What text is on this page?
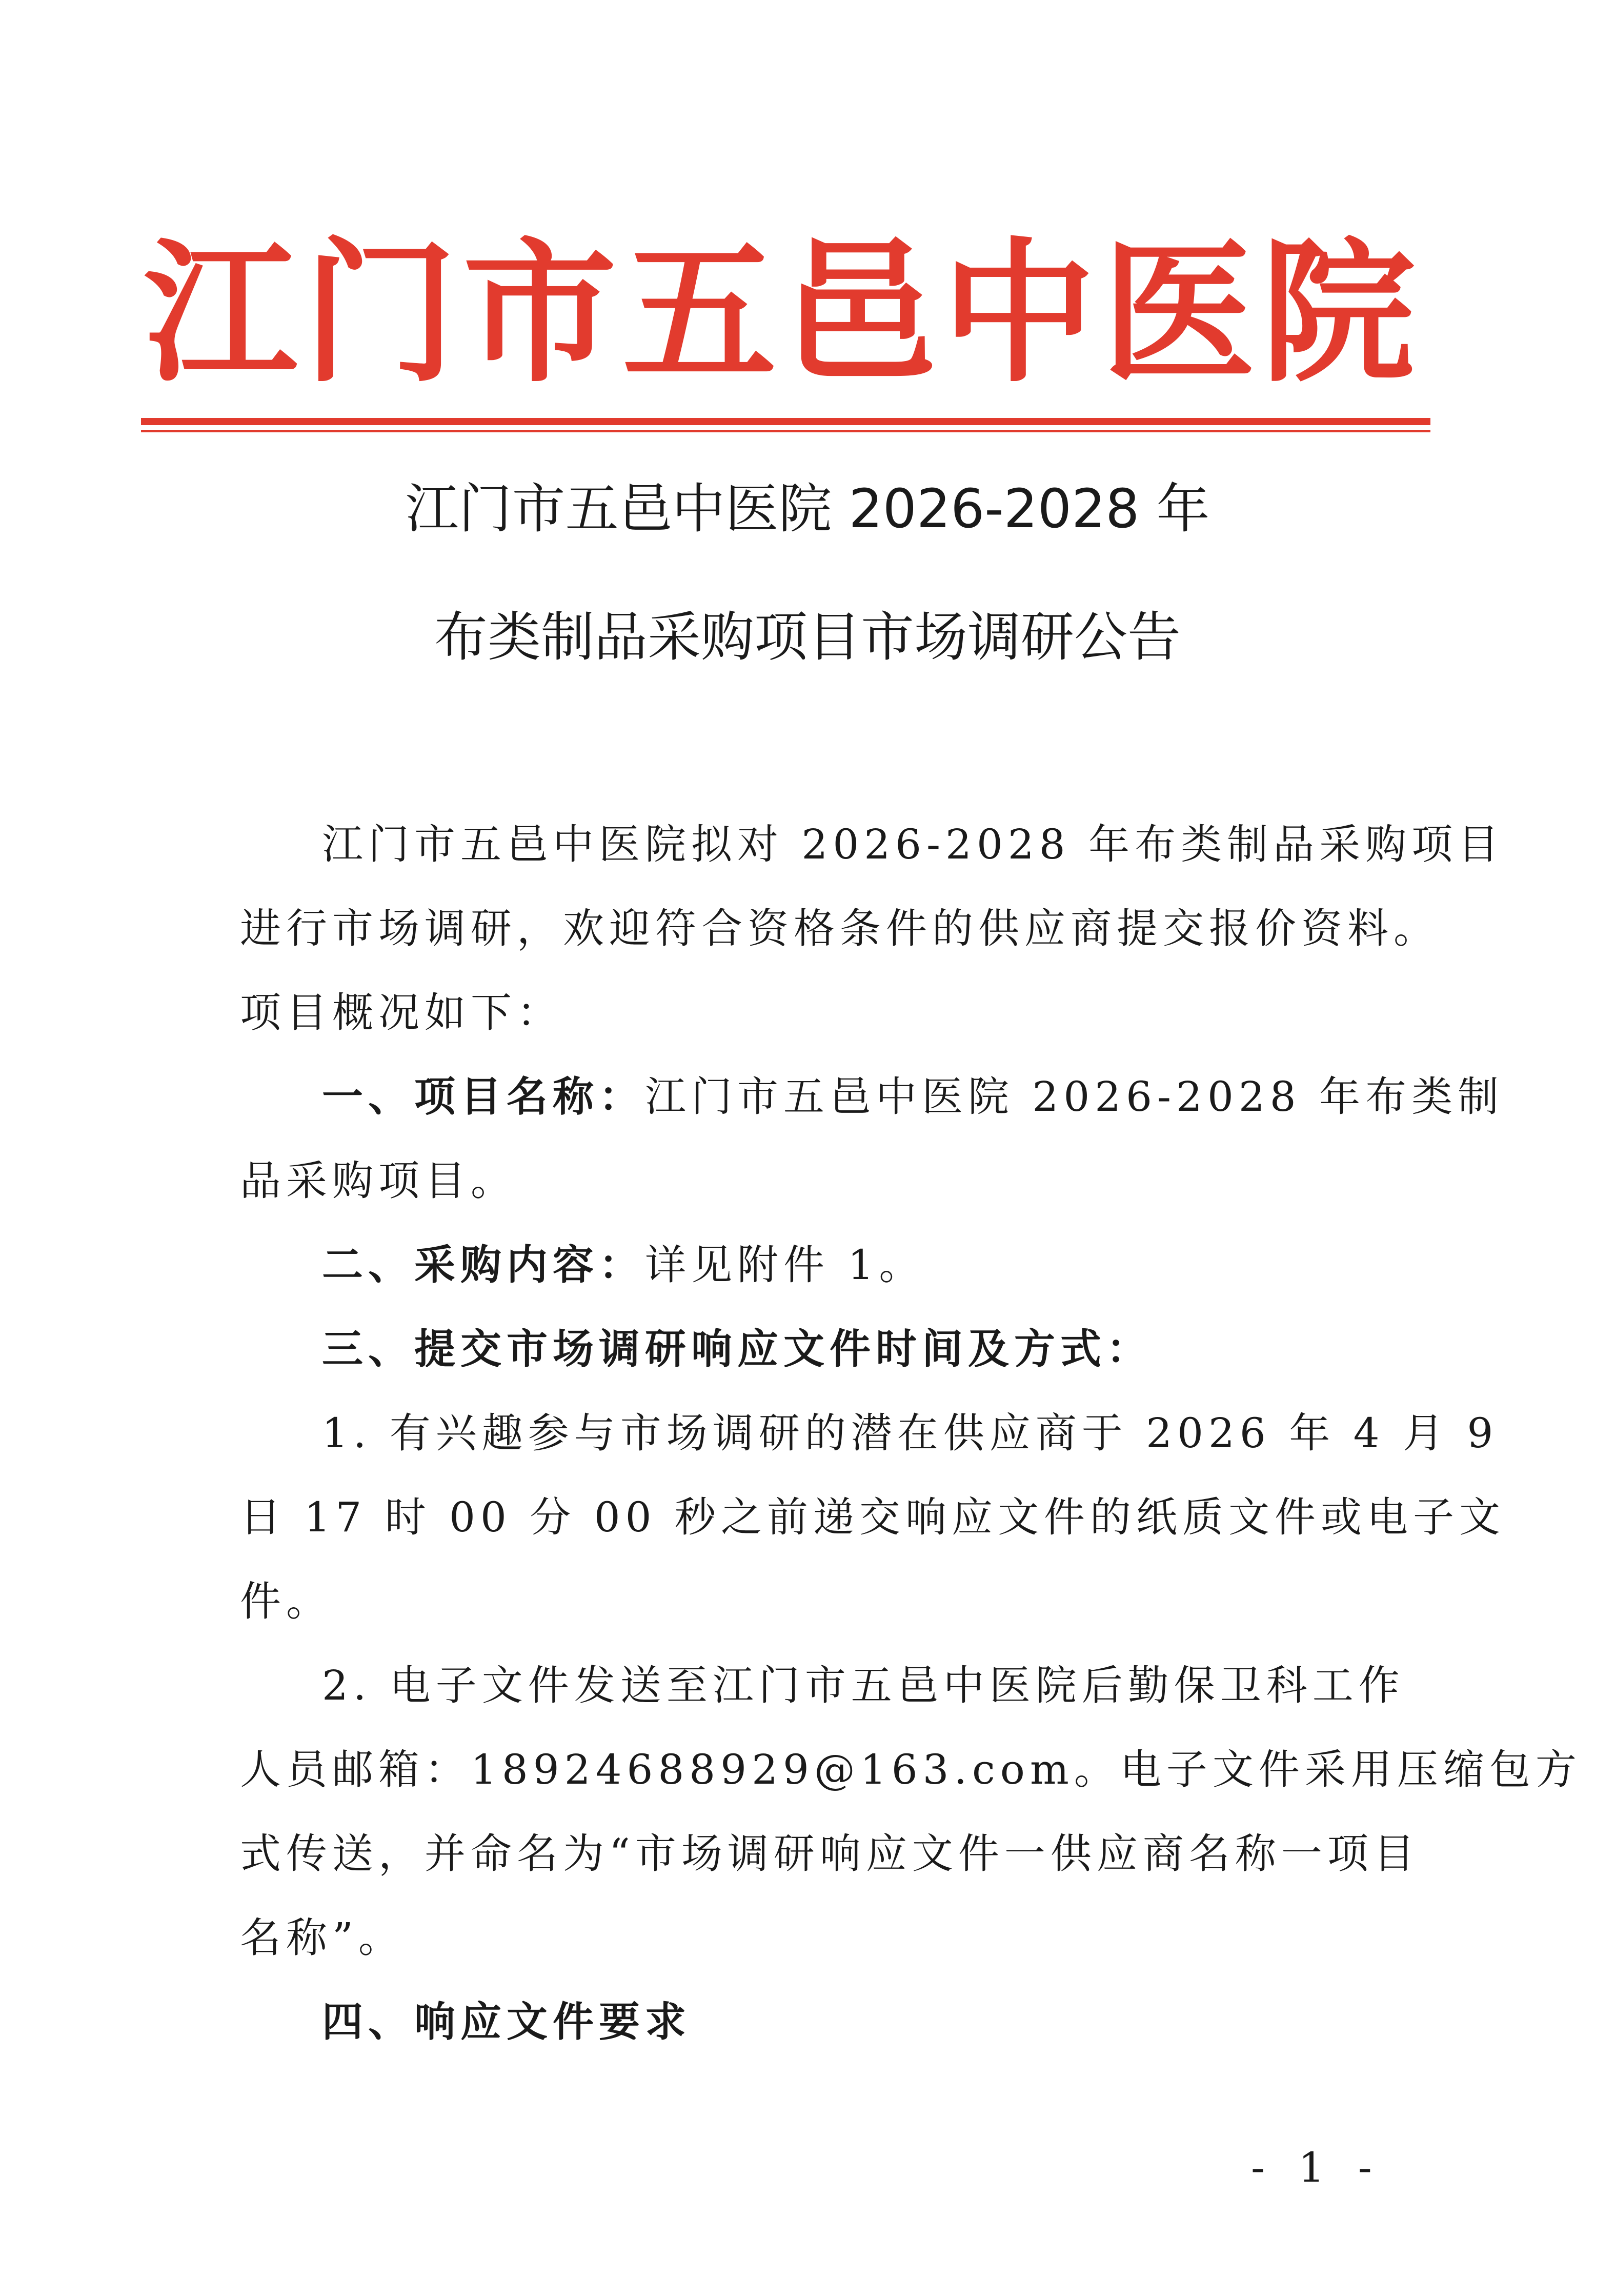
江 门 市 五 邑 中 医 院
江门市五邑中医院 2026-2028 年
布类制品采购项目市场调研公告
江门市五邑中医院拟对 2026-2028 年布类制品采购项目
进行市场调研，欢迎符合资格条件的供应商提交报价资料。
项目概况如下：
一、项目名称：江门市五邑中医院 2026-2028 年布类制
品采购项目。
二、采购内容：详见附件 1。
三、提交市场调研响应文件时间及方式：
1. 有兴趣参与市场调研的潜在供应商于 2026 年 4 月 9
日 17 时 00 分 00 秒之前递交响应文件的纸质文件或电子文
件。
2. 电子文件发送至江门市五邑中医院后勤保卫科工作
人员邮箱：18924688929@163.com。电子文件采用压缩包方
式传送，并命名为“市场调研响应文件一供应商名称一项目
名称”。
四、响应文件要求
- 1 -
